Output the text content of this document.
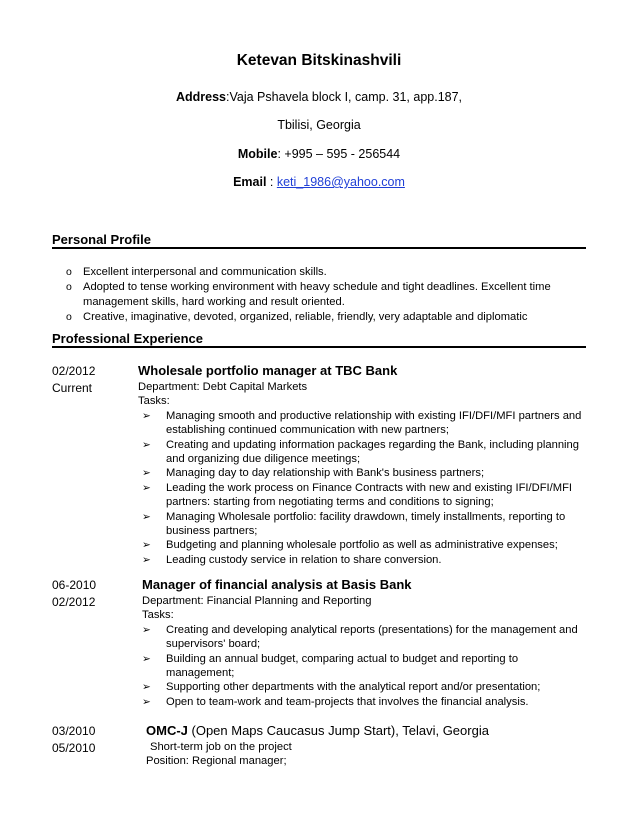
Ketevan Bitskinashvili
Address:Vaja Pshavela block I, camp. 31, app.187,
Tbilisi, Georgia
Mobile: +995 – 595 - 256544
Email : keti_1986@yahoo.com
Personal Profile
o Excellent interpersonal and communication skills.
o Adopted to tense working environment with heavy schedule and tight deadlines. Excellent time management skills, hard working and result oriented.
o Creative, imaginative, devoted, organized, reliable, friendly, very adaptable and diplomatic
Professional Experience
02/2012
Current
Wholesale portfolio manager at TBC Bank
Department: Debt Capital Markets
Tasks:
➢ Managing smooth and productive relationship with existing IFI/DFI/MFI partners and establishing continued communication with new partners;
➢ Creating and updating information packages regarding the Bank, including planning and organizing due diligence meetings;
➢ Managing day to day relationship with Bank's business partners;
➢ Leading the work process on Finance Contracts with new and existing IFI/DFI/MFI partners: starting from negotiating terms and conditions to signing;
➢ Managing Wholesale portfolio: facility drawdown, timely installments, reporting to business partners;
➢ Budgeting and planning wholesale portfolio as well as administrative expenses;
➢ Leading custody service in relation to share conversion.
06-2010
02/2012
Manager of financial analysis at Basis Bank
Department: Financial Planning and Reporting
Tasks:
➢ Creating and developing analytical reports (presentations) for the management and supervisors' board;
➢ Building an annual budget, comparing actual to budget and reporting to management;
➢ Supporting other departments with the analytical report and/or presentation;
➢ Open to team-work and team-projects that involves the financial analysis.
03/2010
05/2010
OMC-J (Open Maps Caucasus Jump Start), Telavi, Georgia
Short-term job on the project
Position: Regional manager;
